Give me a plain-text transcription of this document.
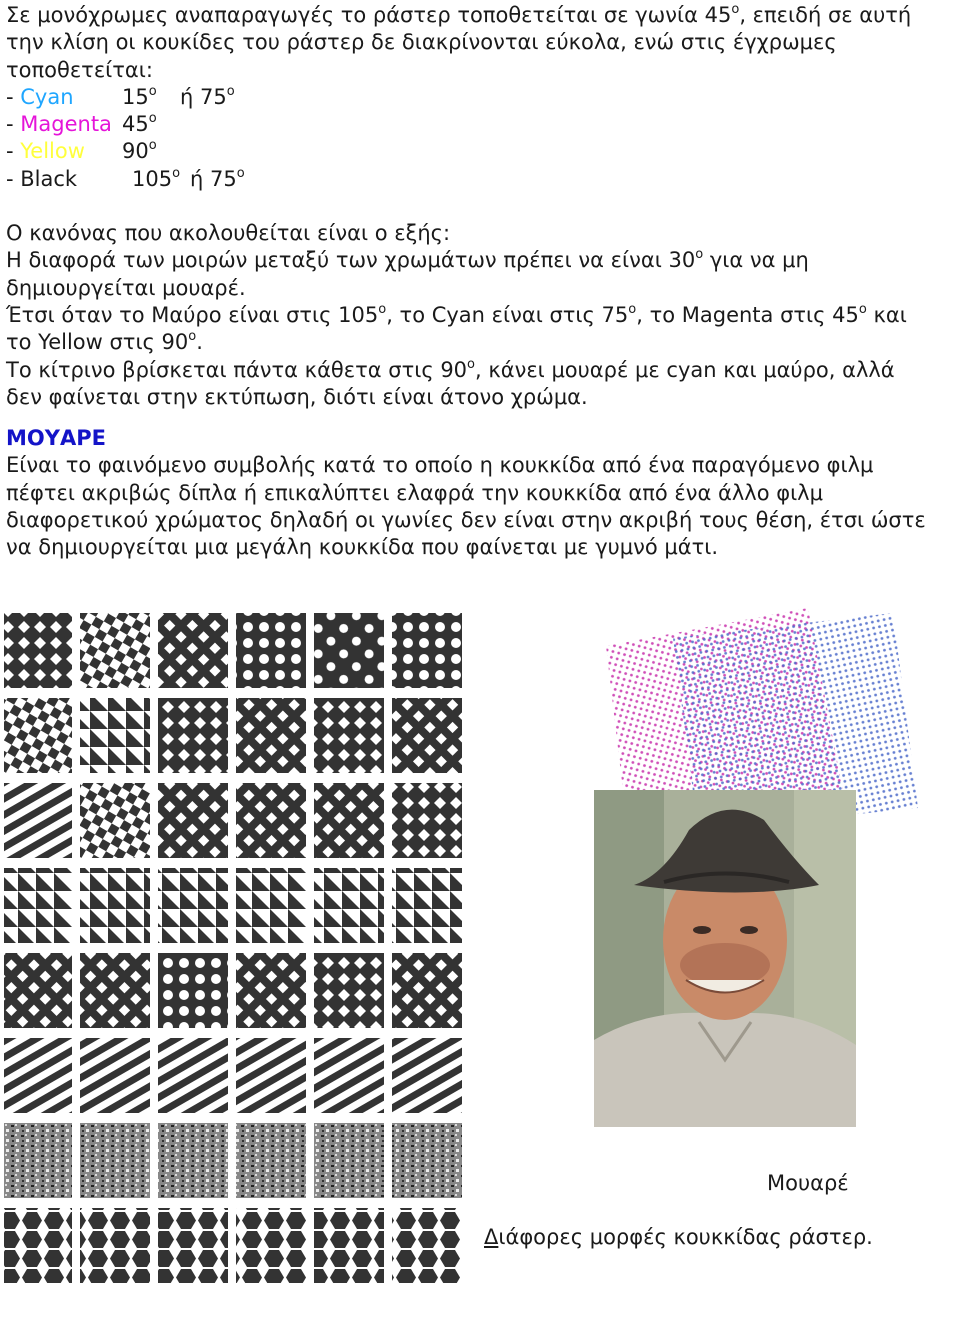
Σε μονόχρωμες αναπαραγωγές το ράστερ τοποθετείται σε γωνία 45$^o$, επειδή σε αυτή
την κλίση οι κουκίδες του ράστερ δε διακρίνονται εύκολα, ενώ στις έγχρωμες
τοποθετείται:
- Cyan 15$^o$ ή 75$^o$
- Magenta 45$^o$
- Yellow 90$^o$
- Black	105$^o$ ή 75$^o$
Ο κανόνας που ακολουθείται είναι ο εξής:
Η διαφορά των μοιρών μεταξύ των χρωμάτων πρέπει να είναι 30$^o$ για να μη
δημιουργείται μουαρέ.
Έτσι όταν το Μαύρο είναι στις 105$^o$, το Cyan είναι στις 75$^o$, το Magenta στις 45$^o$ και
το Yellow στις 90$^o$.
Το κίτρινο βρίσκεται πάντα κάθετα στις 90$^o$, κάνει μουαρέ με cyan και μαύρο, αλλά
δεν φαίνεται στην εκτύπωση, διότι είναι άτονο χρώμα.
ΜΟΥΑΡΕ
Είναι το φαινόμενο συμβολής κατά το οποίο η κουκκίδα από ένα παραγόμενο φιλμ
πέφτει ακριβώς δίπλα ή επικαλύπτει ελαφρά την κουκκίδα από ένα άλλο φιλμ
διαφορετικού χρώματος δηλαδή οι γωνίες δεν είναι στην ακριβή τους θέση, έτσι ώστε
να δημιουργείται μια μεγάλη κουκκίδα που φαίνεται με γυμνό μάτι.
Μουαρέ
Διάφορες μορφές κουκκίδας ράστερ.
